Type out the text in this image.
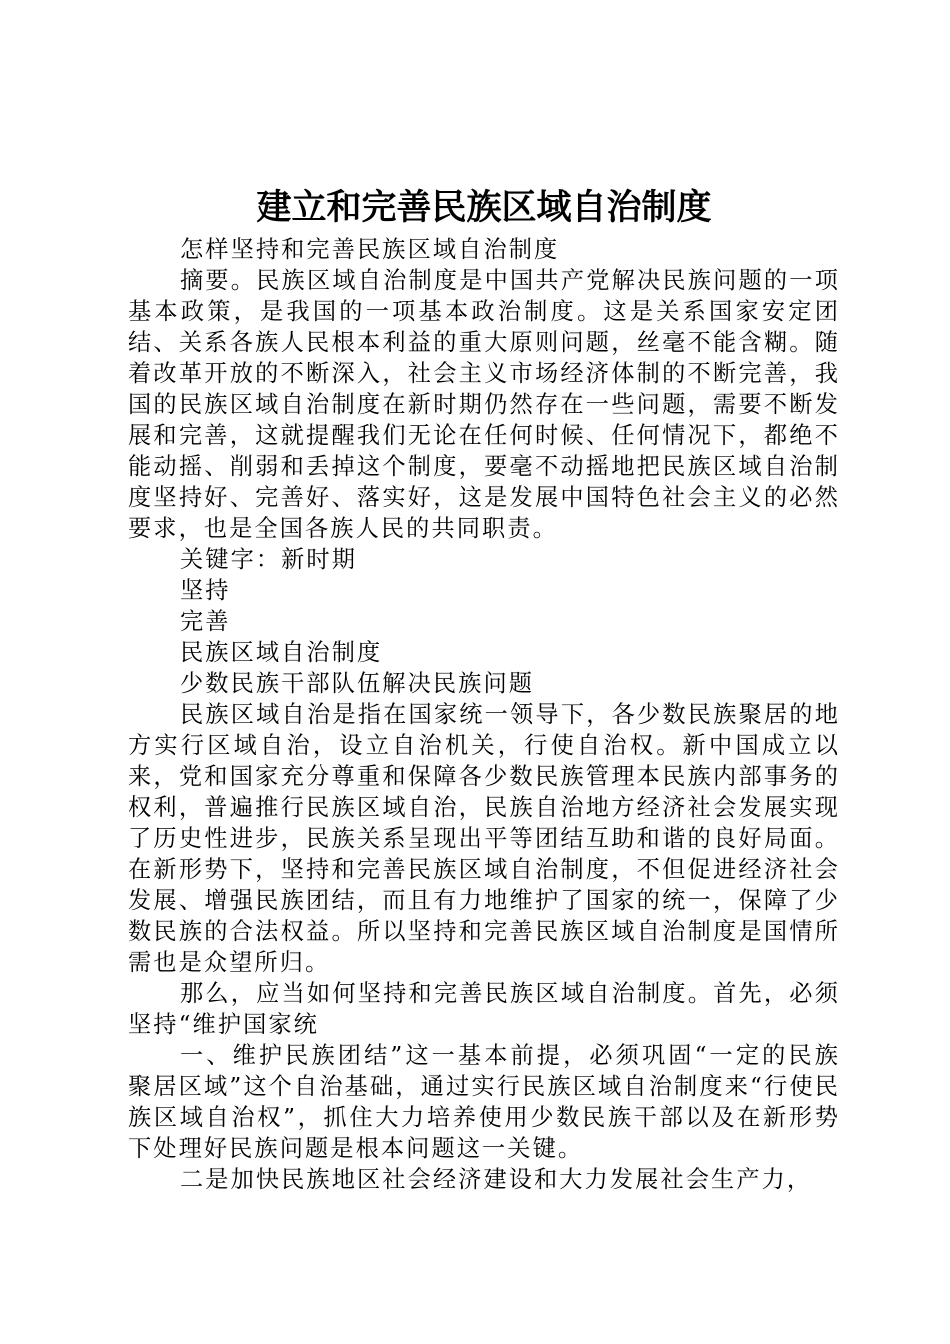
建立和完善民族区域自治制度

怎样坚持和完善民族区域自治制度

摘要。民族区域自治制度是中国共产党解决民族问题的一项基本政策，是我国的一项基本政治制度。这是关系国家安定团结、关系各族人民根本利益的重大原则问题，丝毫不能含糊。随着改革开放的不断深入，社会主义市场经济体制的不断完善，我国的民族区域自治制度在新时期仍然存在一些问题，需要不断发展和完善，这就提醒我们无论在任何时候、任何情况下，都绝不能动摇、削弱和丢掉这个制度，要毫不动摇地把民族区域自治制度坚持好、完善好、落实好，这是发展中国特色社会主义的必然要求，也是全国各族人民的共同职责。

关键字：新时期

坚持

完善

民族区域自治制度

少数民族干部队伍解决民族问题

民族区域自治是指在国家统一领导下，各少数民族聚居的地方实行区域自治，设立自治机关，行使自治权。新中国成立以来，党和国家充分尊重和保障各少数民族管理本民族内部事务的权利，普遍推行民族区域自治，民族自治地方经济社会发展实现了历史性进步，民族关系呈现出平等团结互助和谐的良好局面。在新形势下，坚持和完善民族区域自治制度，不但促进经济社会发展、增强民族团结，而且有力地维护了国家的统一，保障了少数民族的合法权益。所以坚持和完善民族区域自治制度是国情所需也是众望所归。

那么，应当如何坚持和完善民族区域自治制度。首先，必须坚持“维护国家统

一、维护民族团结”这一基本前提，必须巩固“一定的民族聚居区域”这个自治基础，通过实行民族区域自治制度来“行使民族区域自治权”，抓住大力培养使用少数民族干部以及在新形势下处理好民族问题是根本问题这一关键。

二是加快民族地区社会经济建设和大力发展社会生产力，
